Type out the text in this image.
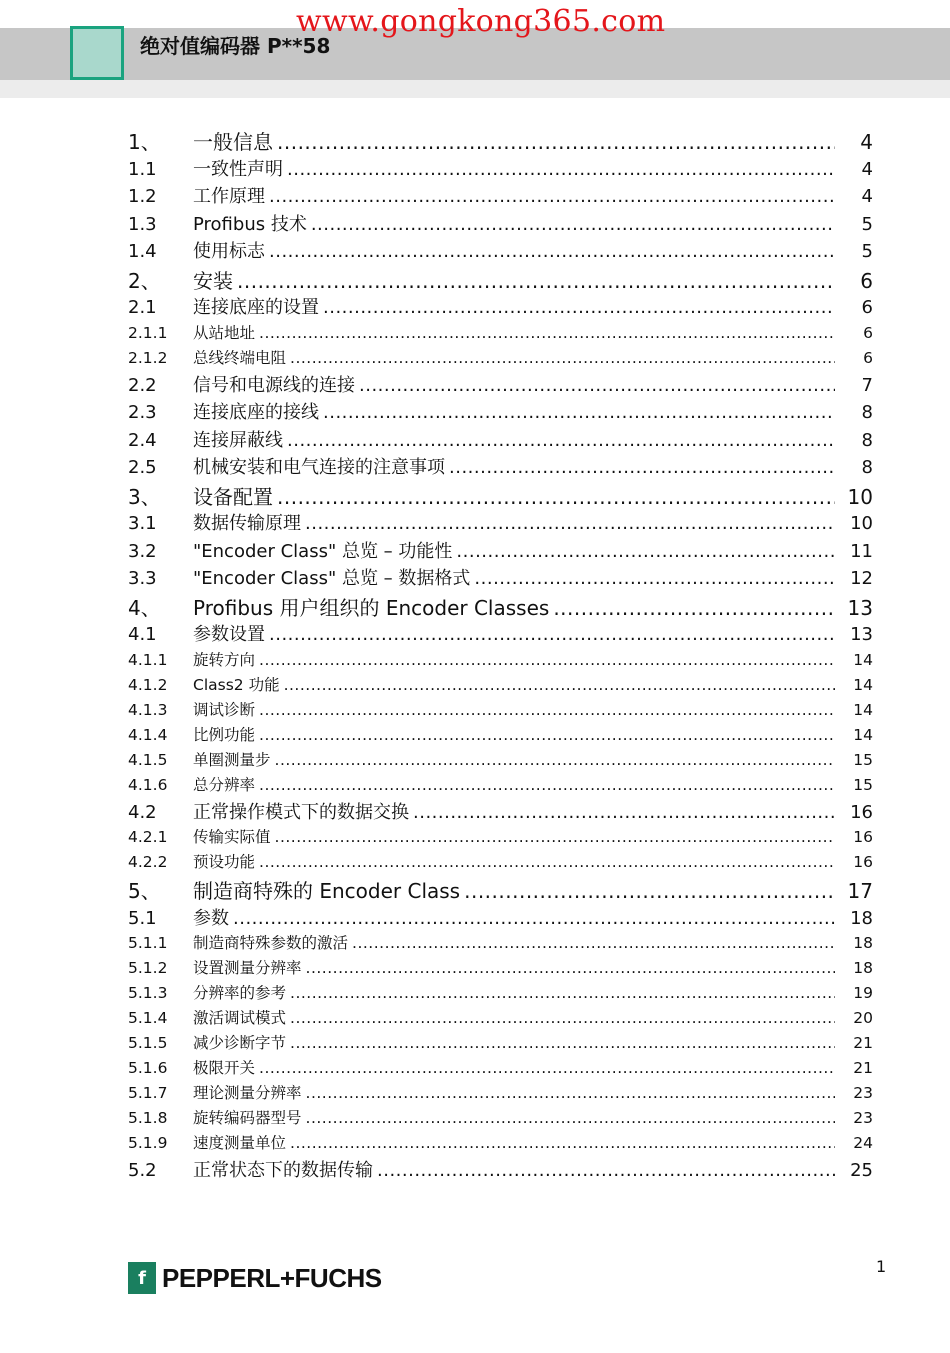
绝对值编码器 P**58
www.gongkong365.com
1、	一般信息 .....	4
1.1	一致性声明 .....	4
1.2	工作原理 .....	4
1.3	Profibus 技术 .....	5
1.4	使用标志 .....	5
2、	安装 .....	6
2.1	连接底座的设置 .....	6
2.1.1	从站地址 .....	6
2.1.2	总线终端电阻 .....	6
2.2	信号和电源线的连接 .....	7
2.3	连接底座的接线 .....	8
2.4	连接屏蔽线 .....	8
2.5	机械安装和电气连接的注意事项 .....	8
3、	设备配置 .....	10
3.1	数据传输原理 .....	10
3.2	"Encoder Class" 总览 – 功能性 .....	11
3.3	"Encoder Class" 总览 – 数据格式 .....	12
4、	Profibus 用户组织的 Encoder Classes .....	13
4.1	参数设置 .....	13
4.1.1	旋转方向 .....	14
4.1.2	Class2 功能 .....	14
4.1.3	调试诊断 .....	14
4.1.4	比例功能 .....	14
4.1.5	单圈测量步 .....	15
4.1.6	总分辨率 .....	15
4.2	正常操作模式下的数据交换 .....	16
4.2.1	传输实际值 .....	16
4.2.2	预设功能 .....	16
5、	制造商特殊的 Encoder Class .....	17
5.1	参数 .....	18
5.1.1	制造商特殊参数的激活 .....	18
5.1.2	设置测量分辨率 .....	18
5.1.3	分辨率的参考 .....	19
5.1.4	激活调试模式 .....	20
5.1.5	减少诊断字节 .....	21
5.1.6	极限开关 .....	21
5.1.7	理论测量分辨率 .....	23
5.1.8	旋转编码器型号 .....	23
5.1.9	速度测量单位 .....	24
5.2	正常状态下的数据传输 .....	25
f PEPPERL+FUCHS	1
